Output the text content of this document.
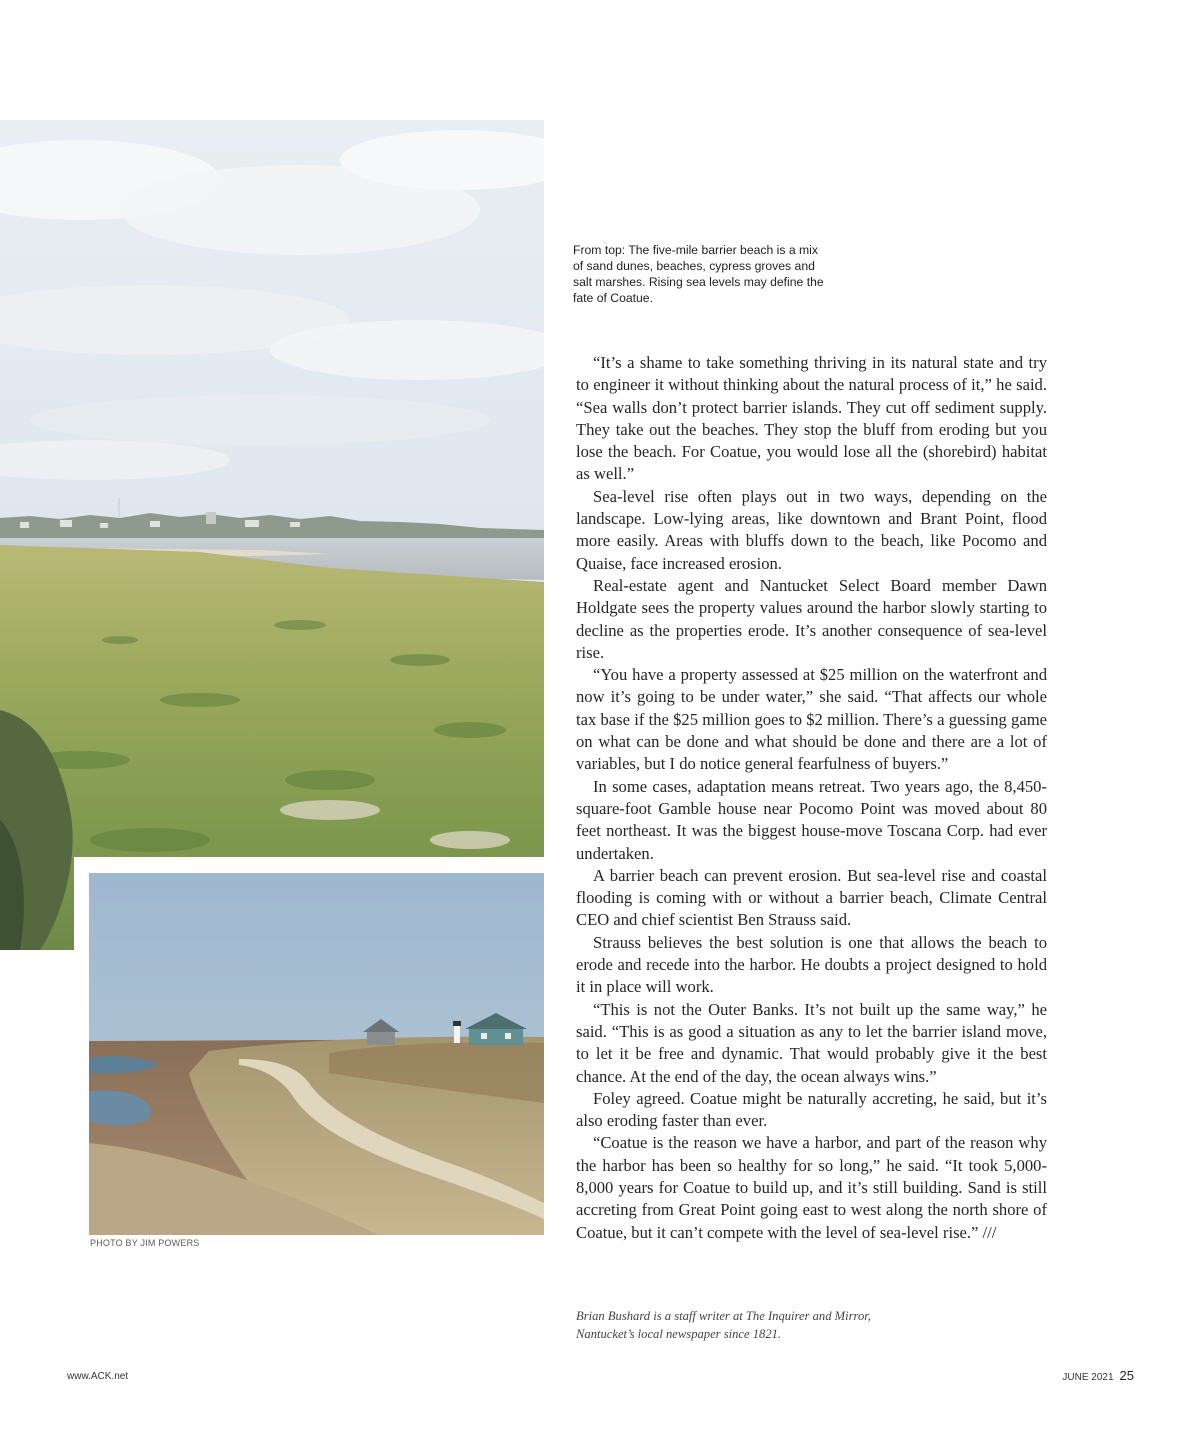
PHOTO BY JIM POWERS
From top: The five-mile barrier beach is a mix of sand dunes, beaches, cypress groves and salt marshes. Rising sea levels may define the fate of Coatue.

“It’s a shame to take something thriving in its natural state and try to engineer it without thinking about the natural process of it,” he said. “Sea walls don’t protect barrier islands. They cut off sediment supply. They take out the beaches. They stop the bluff from eroding but you lose the beach. For Coatue, you would lose all the (shorebird) habitat as well.”

Sea-level rise often plays out in two ways, depending on the landscape. Low-lying areas, like downtown and Brant Point, flood more easily. Areas with bluffs down to the beach, like Pocomo and Quaise, face increased erosion.

Real-estate agent and Nantucket Select Board member Dawn Holdgate sees the property values around the harbor slowly starting to decline as the properties erode. It’s another consequence of sea-level rise.

“You have a property assessed at $25 million on the waterfront and now it’s going to be under water,” she said. “That affects our whole tax base if the $25 million goes to $2 million. There’s a guessing game on what can be done and what should be done and there are a lot of variables, but I do notice general fearfulness of buyers.”

In some cases, adaptation means retreat. Two years ago, the 8,450-square-foot Gamble house near Pocomo Point was moved about 80 feet northeast. It was the biggest house-move Toscana Corp. had ever undertaken.

A barrier beach can prevent erosion. But sea-level rise and coastal flooding is coming with or without a barrier beach, Climate Central CEO and chief scientist Ben Strauss said.

Strauss believes the best solution is one that allows the beach to erode and recede into the harbor. He doubts a project designed to hold it in place will work.

“This is not the Outer Banks. It’s not built up the same way,” he said. “This is as good a situation as any to let the barrier island move, to let it be free and dynamic. That would probably give it the best chance. At the end of the day, the ocean always wins.”

Foley agreed. Coatue might be naturally accreting, he said, but it’s also eroding faster than ever.

“Coatue is the reason we have a harbor, and part of the reason why the harbor has been so healthy for so long,” he said. “It took 5,000-8,000 years for Coatue to build up, and it’s still building. Sand is still accreting from Great Point going east to west along the north shore of Coatue, but it can’t compete with the level of sea-level rise.” ///

Brian Bushard is a staff writer at The Inquirer and Mirror,
Nantucket’s local newspaper since 1821.
www.ACK.net	JUNE 2021 25
